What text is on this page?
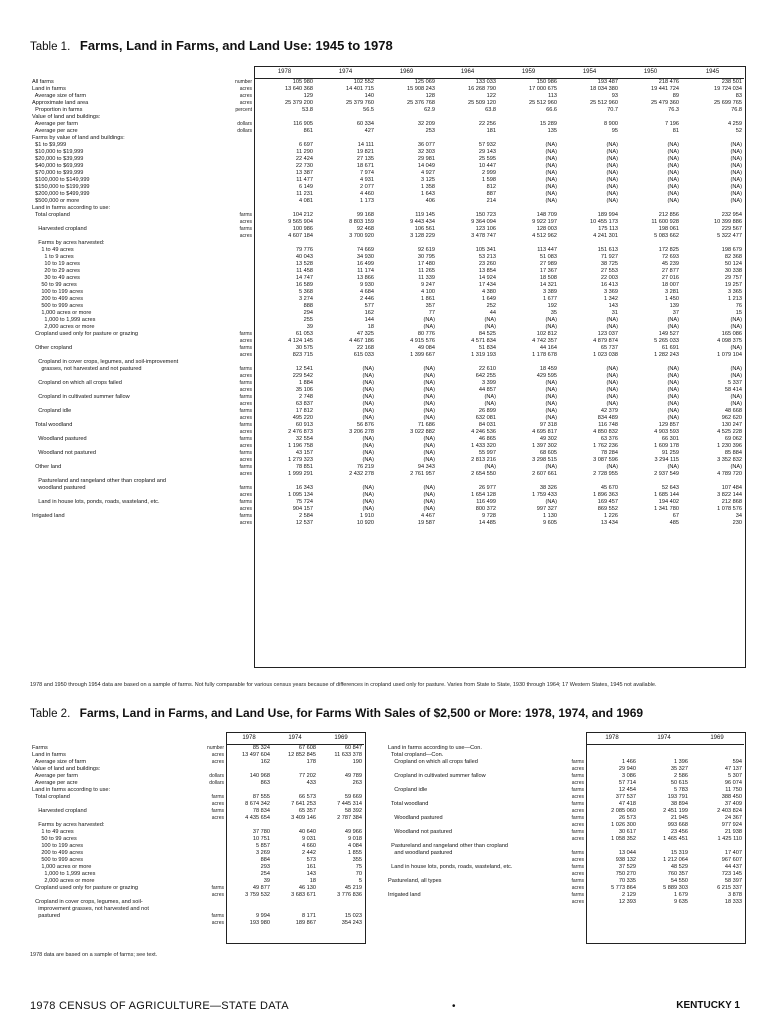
Table 1. Farms, Land in Farms, and Land Use: 1945 to 1978
		1978	1974	1969	1964	1959	1954	1950	1945
All farms	number	105 980	102 552	125 069	133 033	150 986	193 487	218 476	238 501
Land in farms	acres	13 640 368	14 401 715	15 908 243	16 268 790	17 000 675	18 034 380	19 441 724	19 724 034
Average size of farm	acres	129	140	128	122	113	93	89	83
Approximate land area	acres	25 379 200	25 379 760	25 376 768	25 509 120	25 512 960	25 512 960	25 479 360	25 699 765
Proportion in farms	percent	53.8	56.5	62.9	63.8	66.6	70.7	76.3	76.8
Value of land and buildings:									
Average per farm	dollars	116 905	60 334	32 209	22 256	15 289	8 900	7 196	4 259
Average per acre	dollars	861	427	253	181	135	95	81	52
Farms by value of land and buildings:									
$1 to $9,999		6 697	14 111	36 077	57 932	(NA)	(NA)	(NA)	(NA)
$10,000 to $19,999		11 290	19 821	32 303	29 143	(NA)	(NA)	(NA)	(NA)
$20,000 to $39,999		22 424	27 135	29 981	25 595	(NA)	(NA)	(NA)	(NA)
$40,000 to $69,999		22 730	18 671	14 049	10 447	(NA)	(NA)	(NA)	(NA)
$70,000 to $99,999		13 387	7 974	4 927	2 999	(NA)	(NA)	(NA)	(NA)
$100,000 to $149,999		11 477	4 931	3 125	1 598	(NA)	(NA)	(NA)	(NA)
$150,000 to $199,999		6 149	2 077	1 358	812	(NA)	(NA)	(NA)	(NA)
$200,000 to $499,999		11 231	4 460	1 643	887	(NA)	(NA)	(NA)	(NA)
$500,000 or more		4 081	1 173	406	214	(NA)	(NA)	(NA)	(NA)
Land in farms according to use:									
Total cropland	farms	104 212	99 168	119 145	150 723	148 709	189 994	212 856	232 954
	acres	9 565 904	8 803 159	9 443 434	9 364 094	9 922 197	10 455 173	11 600 928	10 399 886
Harvested cropland	farms	100 986	92 468	106 561	123 106	128 003	175 113	198 061	229 567
	acres	4 607 184	3 700 920	3 128 229	3 478 747	4 512 962	4 241 301	5 083 662	5 322 477
Farms by acres harvested:									
1 to 49 acres		79 776	74 669	92 619	105 341	113 447	151 613	172 825	198 679
1 to 9 acres		40 043	34 930	30 795	53 213	51 083	71 927	72 693	82 368
10 to 19 acres		13 528	16 499	17 480	23 260	27 989	38 725	45 239	50 124
20 to 29 acres		11 458	11 174	11 265	13 854	17 367	27 553	27 877	30 338
30 to 49 acres		14 747	13 866	11 339	14 924	18 508	22 003	27 016	29 757
50 to 99 acres		16 589	9 930	9 247	17 434	14 321	16 413	18 007	19 257
100 to 199 acres		5 368	4 684	4 100	4 380	3 389	3 369	3 281	3 365
200 to 499 acres		3 274	2 446	1 861	1 649	1 677	1 342	1 450	1 213
500 to 999 acres		888	577	357	252	192	143	139	76
1,000 acres or more		294	162	77	44	35	31	37	15
1,000 to 1,999 acres		255	144	(NA)	(NA)	(NA)	(NA)	(NA)	(NA)
2,000 acres or more		39	18	(NA)	(NA)	(NA)	(NA)	(NA)	(NA)
Cropland used only for pasture or grazing	farms	61 053	47 325	80 776	84 525	102 812	123 037	149 527	165 086
	acres	4 124 145	4 467 186	4 915 576	4 571 834	4 742 357	4 879 874	5 265 033	4 098 375
Other cropland	farms	30 575	22 168	49 084	51 834	44 164	65 737	61 691	(NA)
	acres	823 715	615 033	1 399 667	1 319 193	1 178 678	1 023 038	1 282 243	1 079 104
Cropland in cover crops, legumes, and soil-improvement									
grasses, not harvested and not pastured	farms	12 541	(NA)	(NA)	22 610	18 459	(NA)	(NA)	(NA)
	acres	229 542	(NA)	(NA)	642 255	429 595	(NA)	(NA)	(NA)
Cropland on which all crops failed	farms	1 884	(NA)	(NA)	3 399	(NA)	(NA)	(NA)	5 337
	acres	35 106	(NA)	(NA)	44 857	(NA)	(NA)	(NA)	58 414
Cropland in cultivated summer fallow	farms	2 748	(NA)	(NA)	(NA)	(NA)	(NA)	(NA)	(NA)
	acres	63 837	(NA)	(NA)	(NA)	(NA)	(NA)	(NA)	(NA)
Cropland idle	farms	17 812	(NA)	(NA)	26 899	(NA)	42 379	(NA)	48 668
	acres	495 220	(NA)	(NA)	632 081	(NA)	834 489	(NA)	962 620
Total woodland	farms	60 913	56 876	71 686	84 031	97 318	116 748	129 857	130 247
	acres	2 476 873	3 206 278	3 022 882	4 246 536	4 695 817	4 850 832	4 903 593	4 525 228
Woodland pastured	farms	32 554	(NA)	(NA)	46 865	49 302	63 376	66 301	69 062
	acres	1 196 758	(NA)	(NA)	1 433 320	1 397 302	1 762 236	1 609 178	1 230 396
Woodland not pastured	farms	43 157	(NA)	(NA)	55 997	68 605	78 284	91 259	85 884
	acres	1 279 323	(NA)	(NA)	2 813 216	3 298 515	3 087 596	3 294 115	3 352 832
Other land	farms	78 851	76 219	94 343	(NA)	(NA)	(NA)	(NA)	(NA)
	acres	1 999 291	2 432 278	2 761 957	2 654 550	2 607 661	2 728 955	2 937 549	4 789 720
Pastureland and rangeland other than cropland and									
woodland pastured	farms	16 343	(NA)	(NA)	26 977	38 326	45 670	52 643	107 484
	acres	1 095 134	(NA)	(NA)	1 654 128	1 759 433	1 896 363	1 685 144	3 822 144
Land in house lots, ponds, roads, wasteland, etc.	farms	75 724	(NA)	(NA)	116 499	(NA)	169 457	194 402	212 868
	acres	904 157	(NA)	(NA)	800 372	997 327	869 552	1 341 780	1 078 576
Irrigated land	farms	2 584	1 910	4 467	9 728	1 130	1 226	67	34
	acres	12 537	10 920	19 587	14 485	9 605	13 434	485	230
1978 and 1950 through 1954 data are based on a sample of farms. Not fully comparable for various census years because of differences in cropland used only for pasture. Varies from State to State, 1930 through 1964; 17 Western States, 1945 not available.
Table 2. Farms, Land in Farms, and Land Use, for Farms With Sales of $2,500 or More: 1978, 1974, and 1969
		1978	1974	1969
Farms	number	85 324	67 608	60 847
Land in farms	acres	13 497 604	12 852 845	11 633 378
Average size of farm	acres	162	178	190
Value of land and buildings:				
Average per farm	dollars	140 968	77 202	49 789
Average per acre	dollars	863	433	263
Land in farms according to use:				
Total cropland	farms	87 555	66 573	59 669
	acres	8 674 342	7 641 253	7 445 314
Harvested cropland	farms	78 834	65 357	58 392
	acres	4 435 654	3 409 146	2 787 384
Farms by acres harvested:				
1 to 49 acres		37 780	40 640	49 966
50 to 99 acres		10 751	9 031	9 018
100 to 199 acres		5 857	4 660	4 084
200 to 499 acres		3 269	2 442	1 855
500 to 999 acres		884	573	355
1,000 acres or more		293	161	75
1,000 to 1,999 acres		254	143	70
2,000 acres or more		39	18	5
Cropland used only for pasture or grazing	farms	49 877	46 130	45 219
	acres	3 759 532	3 683 671	3 776 836
Cropland in cover crops, legumes, and soil-				
improvement grasses, not harvested and not				
pastured	farms	9 994	8 171	15 023
	acres	193 980	189 867	354 243
		1978	1974	1969
Land in farms according to use—Con.				
Total cropland—Con.				

Cropland on which all crops failed	farms	1 466	1 396	594
	acres	29 940	35 327	47 137
Cropland in cultivated summer fallow	farms	3 086	2 586	5 307
	acres	57 714	50 615	96 074
Cropland idle	farms	12 454	5 783	11 750
	acres	377 537	193 791	388 450

Total woodland	farms	47 418	38 894	37 409
	acres	2 085 060	2 451 199	2 403 824
Woodland pastured	farms	26 573	21 945	24 367
	acres	1 026 300	993 668	977 924
Woodland not pastured	farms	30 617	23 456	21 938
	acres	1 058 352	1 465 451	1 425 110

Pastureland and rangeland other than cropland				
and woodland pastured	farms	13 044	15 319	17 407
	acres	938 132	1 212 064	967 607
Land in house lots, ponds, roads, wasteland, etc.	farms	37 529	48 529	44 437
	acres	750 270	760 357	723 145
Pastureland, all types	farms	70 335	54 550	58 397
	acres	5 773 864	5 889 303	6 215 337

Irrigated land	farms	2 129	1 679	3 878
	acres	12 393	9 635	18 333
1978 data are based on a sample of farms; see text.
1978 CENSUS OF AGRICULTURE—STATE DATA	•	KENTUCKY 1
